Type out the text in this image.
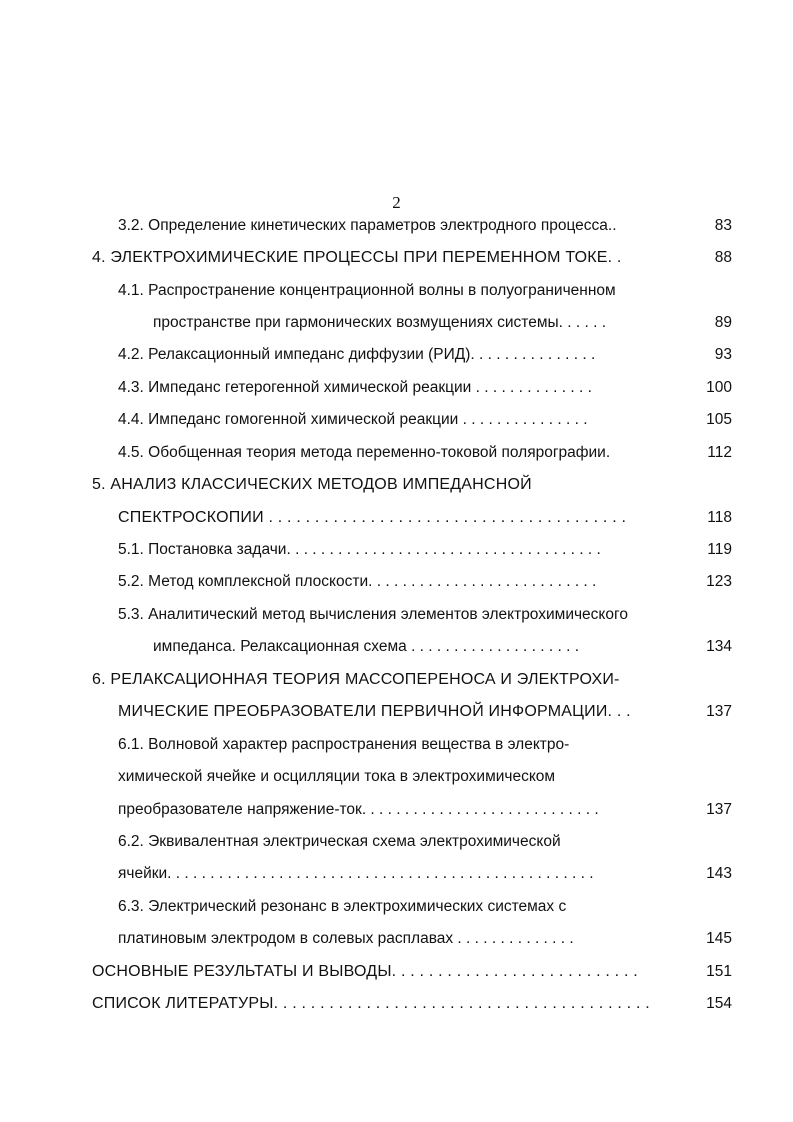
2
3.2. Определение кинетических параметров электродного процесса..	83
4. ЭЛЕКТРОХИМИЧЕСКИЕ ПРОЦЕССЫ ПРИ ПЕРЕМЕННОМ ТОКЕ. .	88
4.1. Распространение концентрационной волны в полуограниченном
пространстве при гармонических возмущениях системы. . . . . .	89
4.2. Релаксационный импеданс диффузии (РИД). . . . . . . . . . . . . . .	93
4.3. Импеданс гетерогенной химической реакции . . . . . . . . . . . . . .	100
4.4. Импеданс гомогенной химической реакции . . . . . . . . . . . . . . .	105
4.5. Обобщенная теория метода переменно-токовой полярографии.	112
5. АНАЛИЗ КЛАССИЧЕСКИХ МЕТОДОВ ИМПЕДАНСНОЙ
СПЕКТРОСКОПИИ . . . . . . . . . . . . . . . . . . . . . . . . . . . . . . . . . . . . . . .	118
5.1. Постановка задачи. . . . . . . . . . . . . . . . . . . . . . . . . . . . . . . . . . . . .	119
5.2. Метод комплексной плоскости. . . . . . . . . . . . . . . . . . . . . . . . . . .	123
5.3. Аналитический метод вычисления элементов электрохимического
импеданса. Релаксационная схема . . . . . . . . . . . . . . . . . . . .	134
6. РЕЛАКСАЦИОННАЯ ТЕОРИЯ МАССОПЕРЕНОСА И ЭЛЕКТРОХИ-
МИЧЕСКИЕ ПРЕОБРАЗОВАТЕЛИ ПЕРВИЧНОЙ ИНФОРМАЦИИ. . .	137
6.1. Волновой характер распространения вещества в электро-
химической ячейке и осцилляции тока в электрохимическом
преобразователе напряжение-ток. . . . . . . . . . . . . . . . . . . . . . . . . . . .	137
6.2. Эквивалентная электрическая схема электрохимической
ячейки. . . . . . . . . . . . . . . . . . . . . . . . . . . . . . . . . . . . . . . . . . . . . . . . . .	143
6.3. Электрический резонанс в электрохимических системах с
платиновым электродом в солевых расплавах . . . . . . . . . . . . . .	145
ОСНОВНЫЕ РЕЗУЛЬТАТЫ И ВЫВОДЫ. . . . . . . . . . . . . . . . . . . . . . . . . . .	151
СПИСОК ЛИТЕРАТУРЫ. . . . . . . . . . . . . . . . . . . . . . . . . . . . . . . . . . . . . . . . .	154
